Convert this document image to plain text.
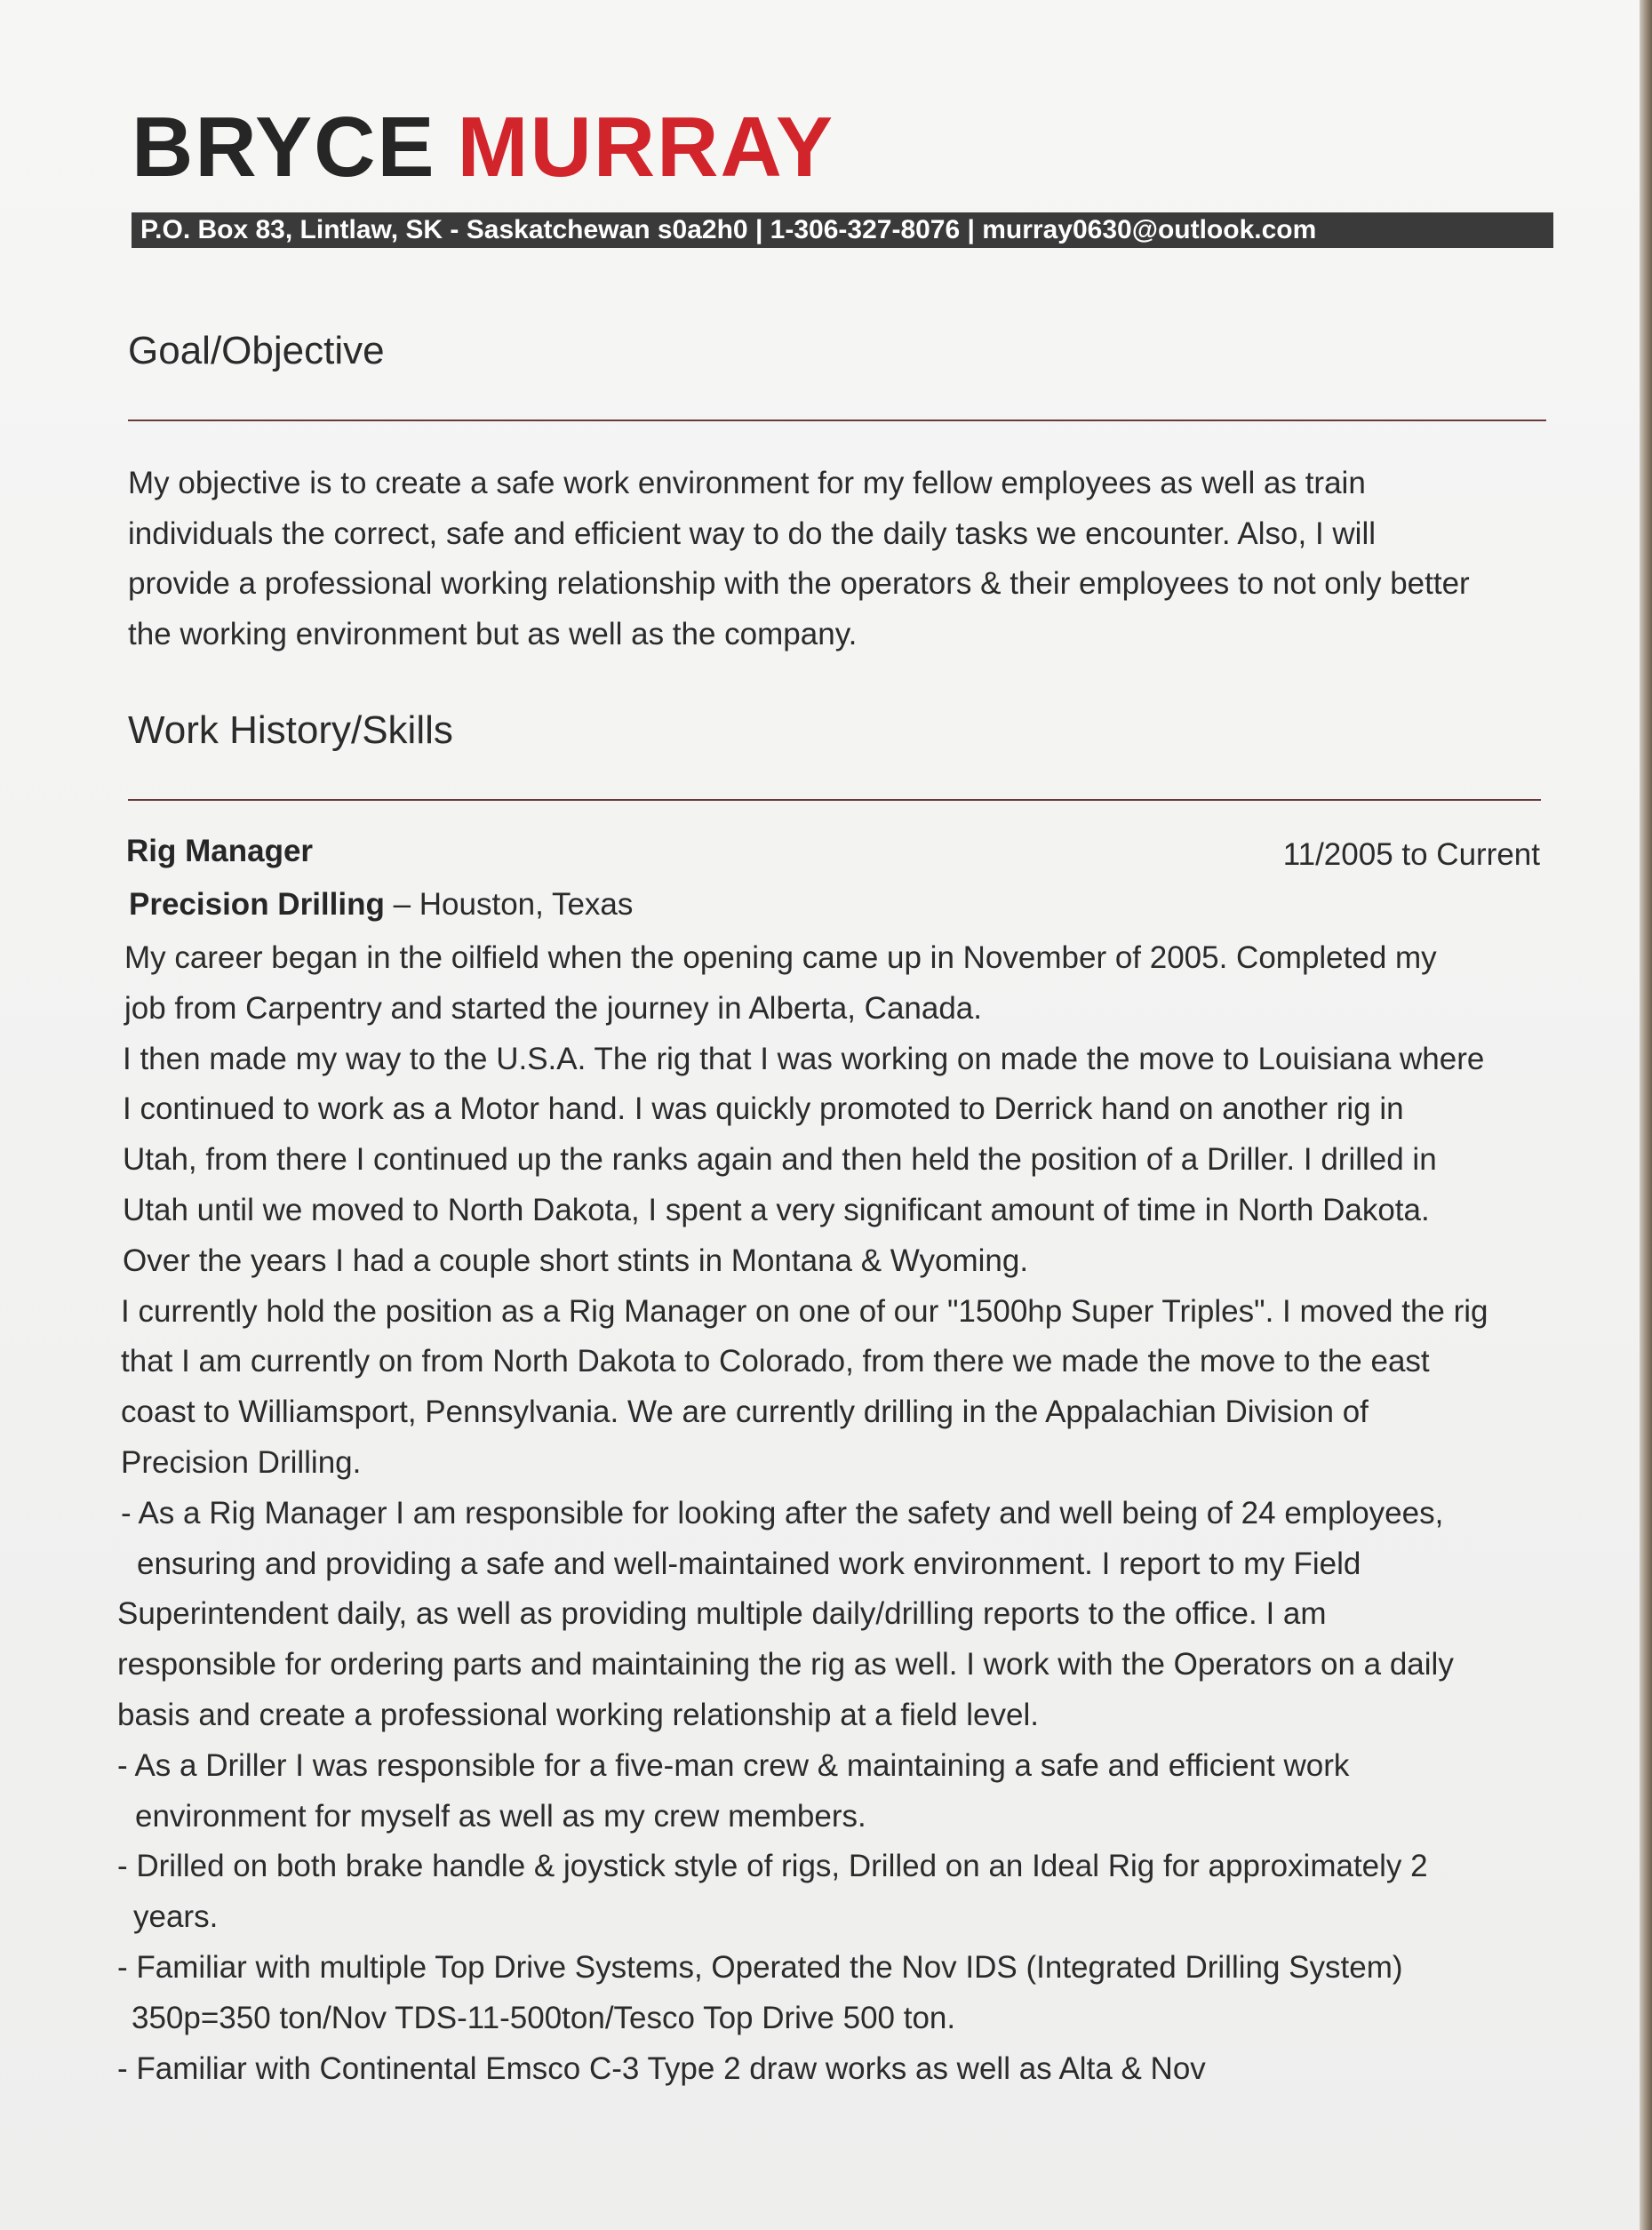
BRYCE MURRAY
P.O. Box 83, Lintlaw, SK - Saskatchewan s0a2h0 | 1-306-327-8076 | murray0630@outlook.com
Goal/Objective

My objective is to create a safe work environment for my fellow employees as well as train

individuals the correct, safe and efficient way to do the daily tasks we encounter. Also, I will

provide a professional working relationship with the operators & their employees to not only better

the working environment but as well as the company.

Work History/Skills
Rig Manager	11/2005 to Current
Precision Drilling – Houston, Texas
My career began in the oilfield when the opening came up in November of 2005. Completed my
job from Carpentry and started the journey in Alberta, Canada.
I then made my way to the U.S.A. The rig that I was working on made the move to Louisiana where
I continued to work as a Motor hand. I was quickly promoted to Derrick hand on another rig in
Utah, from there I continued up the ranks again and then held the position of a Driller. I drilled in
Utah until we moved to North Dakota, I spent a very significant amount of time in North Dakota.
Over the years I had a couple short stints in Montana & Wyoming.
I currently hold the position as a Rig Manager on one of our "1500hp Super Triples". I moved the rig
that I am currently on from North Dakota to Colorado, from there we made the move to the east
coast to Williamsport, Pennsylvania. We are currently drilling in the Appalachian Division of
Precision Drilling.
- As a Rig Manager I am responsible for looking after the safety and well being of 24 employees,
ensuring and providing a safe and well-maintained work environment. I report to my Field
Superintendent daily, as well as providing multiple daily/drilling reports to the office. I am
responsible for ordering parts and maintaining the rig as well. I work with the Operators on a daily
basis and create a professional working relationship at a field level.
- As a Driller I was responsible for a five-man crew & maintaining a safe and efficient work
environment for myself as well as my crew members.
- Drilled on both brake handle & joystick style of rigs, Drilled on an Ideal Rig for approximately 2
years.
- Familiar with multiple Top Drive Systems, Operated the Nov IDS (Integrated Drilling System)
350p=350 ton/Nov TDS-11-500ton/Tesco Top Drive 500 ton.
- Familiar with Continental Emsco C-3 Type 2 draw works as well as Alta & Nov
